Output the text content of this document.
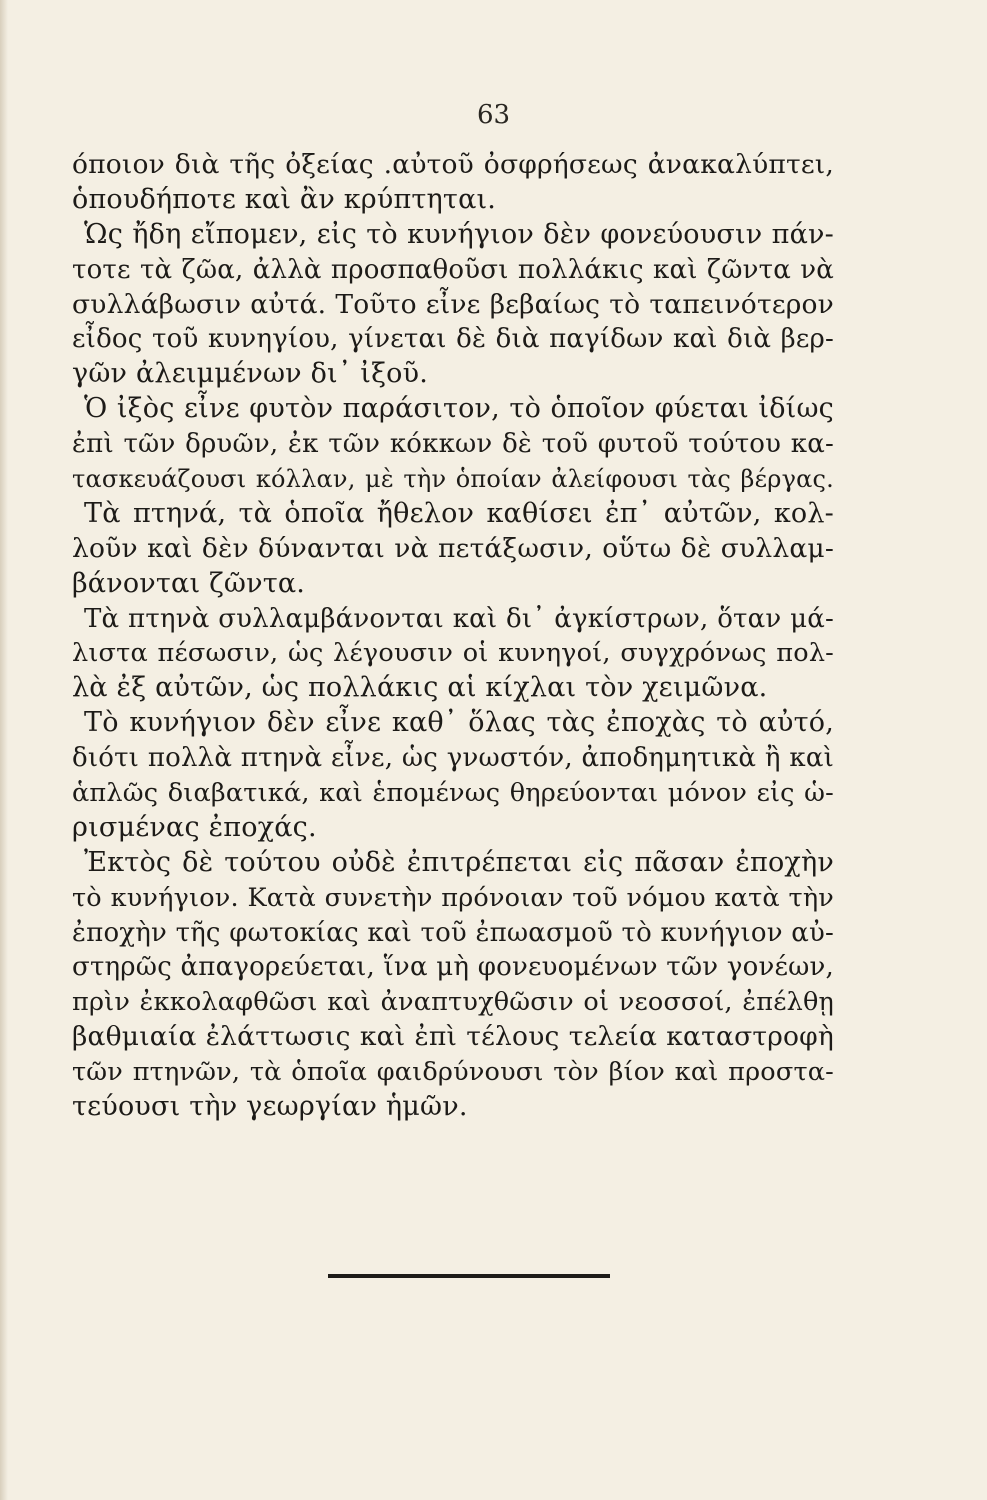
63
όποιον διὰ τῆς ὀξείας .αὐτοῦ ὀσφρήσεως ἀνακαλύπτει,
ὁπουδήποτε καὶ ἂν κρύπτηται.
Ὡς ἤδη εἴπομεν, εἰς τὸ κυνήγιον δὲν φονεύουσιν πάν-
τοτε τὰ ζῶα, ἀλλὰ προσπαθοῦσι πολλάκις καὶ ζῶντα νὰ
συλλάβωσιν αὐτά. Τοῦτο εἶνε βεβαίως τὸ ταπεινότερον
εἶδος τοῦ κυνηγίου, γίνεται δὲ διὰ παγίδων καὶ διὰ βερ-
γῶν ἀλειμμένων δι᾽ ἰξοῦ.
Ὁ ἰξὸς εἶνε φυτὸν παράσιτον, τὸ ὁποῖον φύεται ἰδίως
ἐπὶ τῶν δρυῶν, ἐκ τῶν κόκκων δὲ τοῦ φυτοῦ τούτου κα-
τασκευάζουσι κόλλαν, μὲ τὴν ὁποίαν ἀλείφουσι τὰς βέργας.
Τὰ πτηνά, τὰ ὁποῖα ἤθελον καθίσει ἐπ᾽ αὐτῶν, κολ-
λοῦν καὶ δὲν δύνανται νὰ πετάξωσιν, οὕτω δὲ συλλαμ-
βάνονται ζῶντα.
Τὰ πτηνὰ συλλαμβάνονται καὶ δι᾽ ἀγκίστρων, ὅταν μά-
λιστα πέσωσιν, ὡς λέγουσιν οἱ κυνηγοί, συγχρόνως πολ-
λὰ ἐξ αὐτῶν, ὡς πολλάκις αἱ κίχλαι τὸν χειμῶνα.
Τὸ κυνήγιον δὲν εἶνε καθ᾽ ὅλας τὰς ἐποχὰς τὸ αὐτό,
διότι πολλὰ πτηνὰ εἶνε, ὡς γνωστόν, ἀποδημητικὰ ἢ καὶ
ἁπλῶς διαβατικά, καὶ ἑπομένως θηρεύονται μόνον εἰς ὡ-
ρισμένας ἐποχάς.
Ἐκτὸς δὲ τούτου οὐδὲ ἐπιτρέπεται εἰς πᾶσαν ἐποχὴν
τὸ κυνήγιον. Κατὰ συνετὴν πρόνοιαν τοῦ νόμου κατὰ τὴν
ἐποχὴν τῆς φωτοκίας καὶ τοῦ ἐπωασμοῦ τὸ κυνήγιον αὐ-
στηρῶς ἀπαγορεύεται, ἵνα μὴ φονευομένων τῶν γονέων,
πρὶν ἐκκολαφθῶσι καὶ ἀναπτυχθῶσιν οἱ νεοσσοί, ἐπέλθῃ
βαθμιαία ἐλάττωσις καὶ ἐπὶ τέλους τελεία καταστροφὴ
τῶν πτηνῶν, τὰ ὁποῖα φαιδρύνουσι τὸν βίον καὶ προστα-
τεύουσι τὴν γεωργίαν ἡμῶν.
